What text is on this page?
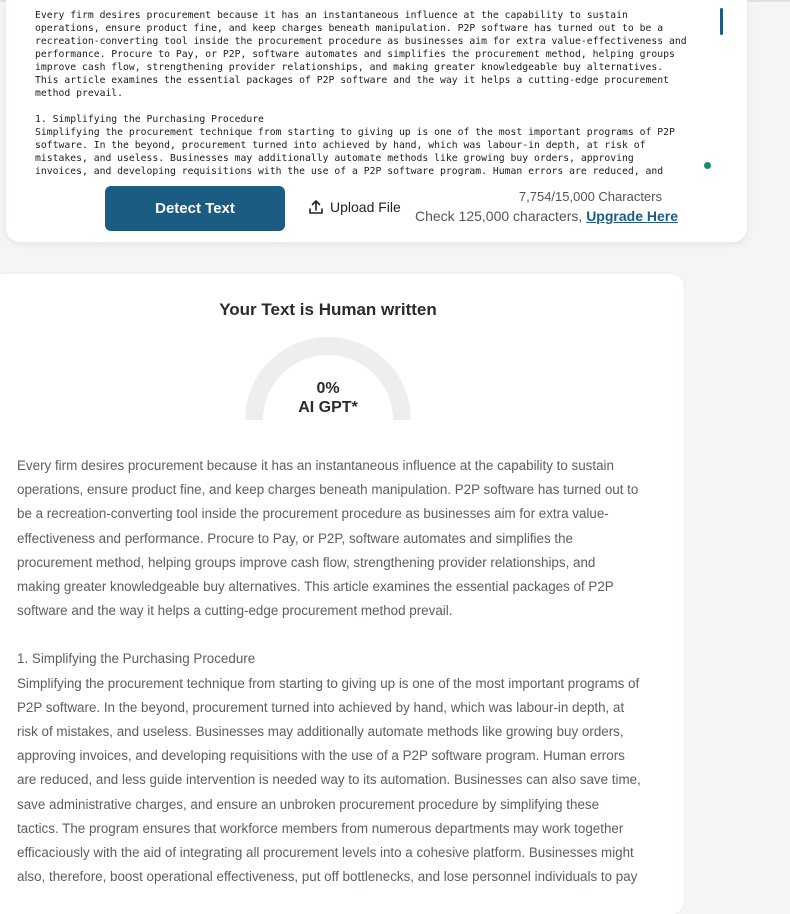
Every firm desires procurement because it has an instantaneous influence at the capability to sustain
operations, ensure product fine, and keep charges beneath manipulation. P2P software has turned out to be a
recreation-converting tool inside the procurement procedure as businesses aim for extra value-effectiveness and
performance. Procure to Pay, or P2P, software automates and simplifies the procurement method, helping groups
improve cash flow, strengthening provider relationships, and making greater knowledgeable buy alternatives.
This article examines the essential packages of P2P software and the way it helps a cutting-edge procurement
method prevail.

1. Simplifying the Purchasing Procedure
Simplifying the procurement technique from starting to giving up is one of the most important programs of P2P
software. In the beyond, procurement turned into achieved by hand, which was labour-in depth, at risk of
mistakes, and useless. Businesses may additionally automate methods like growing buy orders, approving
invoices, and developing requisitions with the use of a P2P software program. Human errors are reduced, and
Detect Text	Upload File
7,754/15,000 Characters
Check 125,000 characters, Upgrade Here
Your Text is Human written
0%
AI GPT*

Every firm desires procurement because it has an instantaneous influence at the capability to sustain operations, ensure product fine, and keep charges beneath manipulation. P2P software has turned out to be a recreation-converting tool inside the procurement procedure as businesses aim for extra value-effectiveness and performance. Procure to Pay, or P2P, software automates and simplifies the procurement method, helping groups improve cash flow, strengthening provider relationships, and making greater knowledgeable buy alternatives. This article examines the essential packages of P2P software and the way it helps a cutting-edge procurement method prevail.

1. Simplifying the Purchasing Procedure

Simplifying the procurement technique from starting to giving up is one of the most important programs of P2P software. In the beyond, procurement turned into achieved by hand, which was labour-in depth, at risk of mistakes, and useless. Businesses may additionally automate methods like growing buy orders, approving invoices, and developing requisitions with the use of a P2P software program. Human errors are reduced, and less guide intervention is needed way to its automation. Businesses can also save time, save administrative charges, and ensure an unbroken procurement procedure by simplifying these tactics. The program ensures that workforce members from numerous departments may work together efficaciously with the aid of integrating all procurement levels into a cohesive platform. Businesses might also, therefore, boost operational effectiveness, put off bottlenecks, and lose personnel individuals to pay
